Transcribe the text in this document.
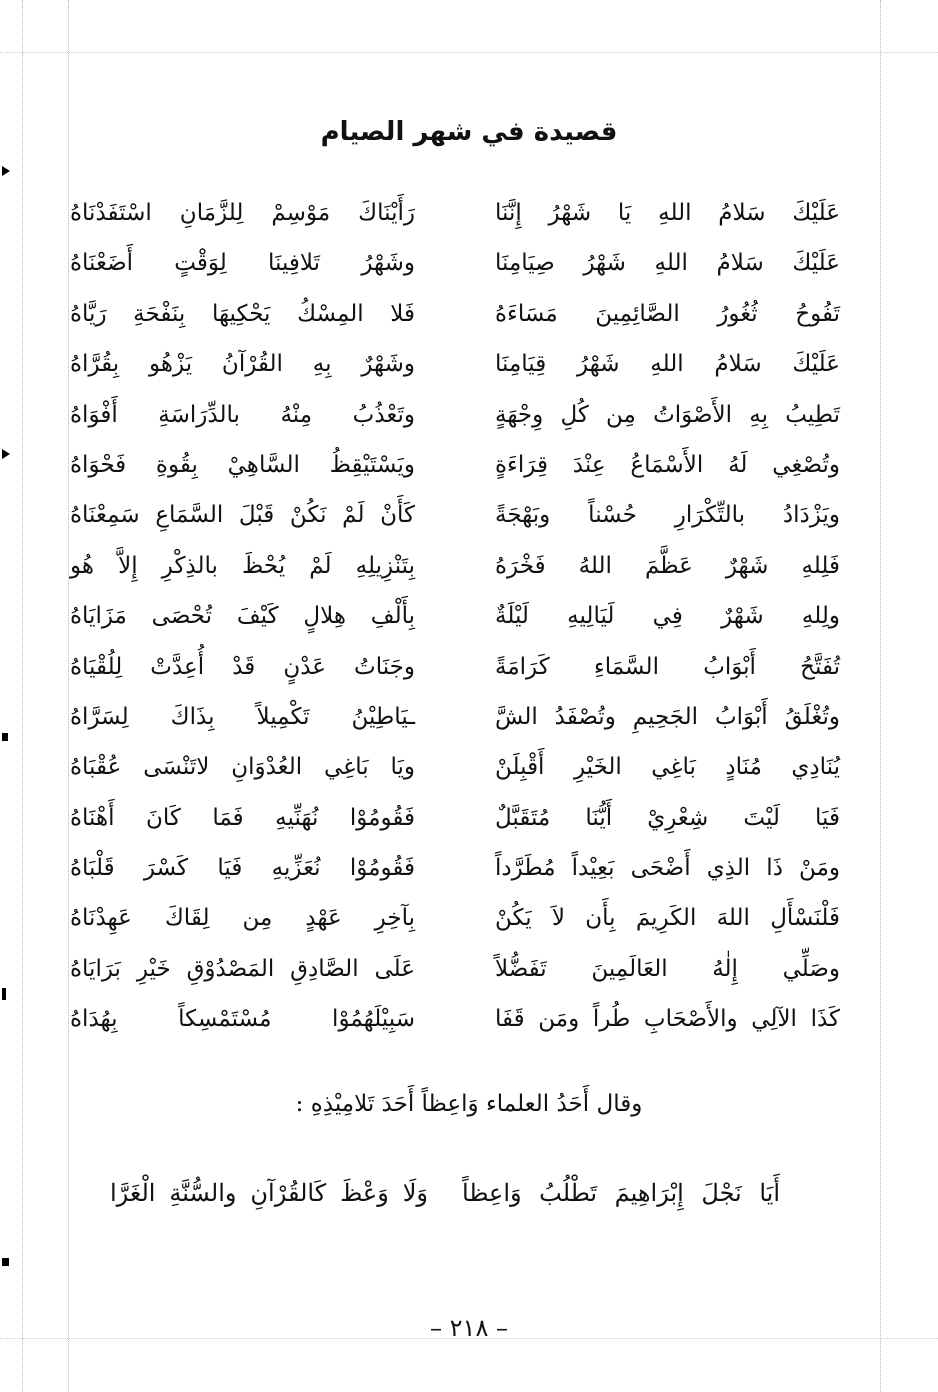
قصيدة في شهر الصيام
عَلَيْكَ سَلامُ اللهِ يَا شَهْرُ إِنَّنَا
رَأَيْنَاكَ مَوْسِمْ لِلزَّمَانِ اسْتَفَدْنَاهُ
عَلَيْكَ سَلامُ اللهِ شَهْرُ صِيَامِنَا
وشَهْرُ تَلافِينَا لِوَقْتٍ أَضَعْنَاهُ
تَفُوحُ ثُغُورُ الصَّائِمِينَ مَسَاءَهُ
فَلا المِسْكُ يَحْكِيهَا بِنَفْحَةِ رَيَّاهُ
عَلَيْكَ سَلامُ اللهِ شَهْرُ قِيَامِنَا
وشَهْرٌ بِهِ القُرْآنُ يَزْهُو بِقُرَّاهُ
تَطِيبُ بِهِ الأَصْوَاتُ مِن كُلِ وِجْهَةٍ
وتَعْذُبُ مِنْهُ بالدِّرَاسَةِ أَفْوَاهُ
وتُصْغِي لَهُ الأَسْمَاعُ عِنْدَ قِرَاءَةٍ
ويَسْتَيْقِظُ السَّاهِيْ بِقُوةِ فَحْوَاهُ
ويَزْدَادُ بالتِّكْرَارِ حُسْناً وبَهْجَةً
كَأَنْ لَمْ نَكُنْ قَبْلَ السَّمَاعِ سَمِعْنَاهُ
فَلِلهِ شَهْرٌ عَظَّمَ اللهُ فَخْرَهُ
بِتَنْزِيلِهِ لَمْ يُحْظَ بالذِكْرِ إِلاَّ هُو
ولِلهِ شَهْرٌ فِي لَيَالِيهِ لَيْلَةٌ
بِأَلْفِ هِلالٍ كَيْفَ تُحْصَى مَزَايَاهُ
تُفَتَّحُ أَبْوَابُ السَّمَاءِ كَرَامَةً
وجَنَاتُ عَدْنٍ قَدْ أُعِدَّتْ لِلُقْيَاهُ
وتُغْلَقُ أَبْوَابُ الجَحِيمِ وتُصْفَدُ الشَّ
ـيَاطِيْنُ تَكْمِيلاً بِذَاكَ لِسَرَّاهُ
يُنَادِي مُنَادٍ بَاغِي الخَيْرِ أَقْبِلَنْ
ويَا بَاغِي العُدْوَانِ لاتَنْسَى عُقْبَاهُ
فَيَا لَيْتَ شِعْرِيْ أَيُّنَا مُتَقَبَّلٌ
فَقُومُوْا نُهَنِّيهِ فَمَا كَانَ أَهْنَاهُ
ومَنْ ذَا الذِي أَضْحَى بَعِيْداً مُطَرَّداً
فَقُومُوْا نُعَزِّيهِ فَيَا كَسْرَ قَلْبَاهُ
فَلْنَسْأَلِ اللهَ الكَرِيمَ بِأَن لاَ يَكُنْ
بِآخِرِ عَهْدٍ مِن لِقَاكَ عَهِدْنَاهُ
وصَلِّي إِلٰهُ العَالَمِينَ تَفَضُّلاً
عَلَى الصَّادِقِ المَصْدُوْقِ خَيْرِ بَرَايَاهُ
كَذَا الآلِي والأَصْحَابِ طُراً ومَن قَفَا
سَبِيْلَهُمُوْا مُسْتَمْسِكاً بِهُدَاهُ
وقال أَحَدُ العلماء وَاعِظاً أَحَدَ تَلامِيْذِهِ :
أَيَا نَجْلَ إِبْرَاهِيمَ تَطْلُبُ وَاعِظاً
وَلَا وَعْظَ كَالقُرْآنِ والسُّنَّةِ الْغَرَّا
– ٢١٨ –
